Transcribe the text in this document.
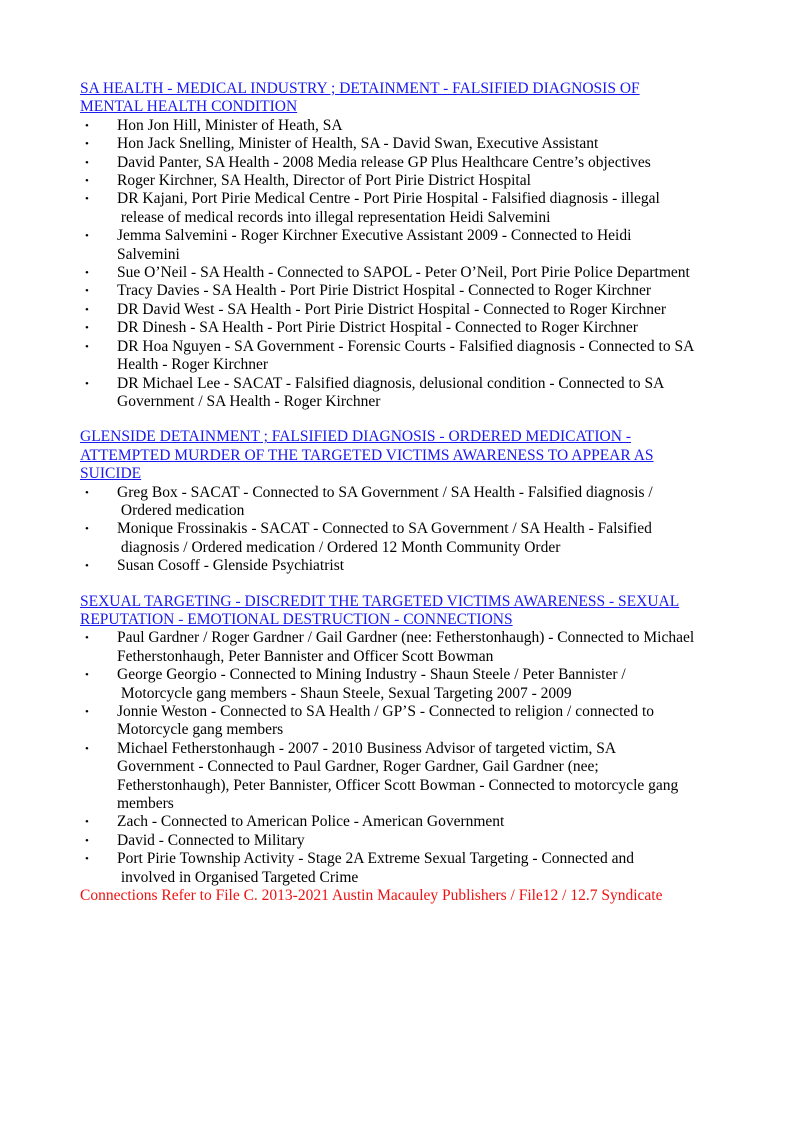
SA HEALTH - MEDICAL INDUSTRY ; DETAINMENT - FALSIFIED DIAGNOSIS OF
MENTAL HEALTH CONDITION

• Hon Jon Hill, Minister of Heath, SA
• Hon Jack Snelling, Minister of Health, SA - David Swan, Executive Assistant
• David Panter, SA Health - 2008 Media release GP Plus Healthcare Centre’s objectives
• Roger Kirchner, SA Health, Director of Port Pirie District Hospital
• DR Kajani, Port Pirie Medical Centre - Port Pirie Hospital - Falsified diagnosis - illegal
release of medical records into illegal representation Heidi Salvemini
• Jemma Salvemini - Roger Kirchner Executive Assistant 2009 - Connected to Heidi
Salvemini
• Sue O’Neil - SA Health - Connected to SAPOL - Peter O’Neil, Port Pirie Police Department
• Tracy Davies - SA Health - Port Pirie District Hospital - Connected to Roger Kirchner
• DR David West - SA Health - Port Pirie District Hospital - Connected to Roger Kirchner
• DR Dinesh - SA Health - Port Pirie District Hospital - Connected to Roger Kirchner
• DR Hoa Nguyen - SA Government - Forensic Courts - Falsified diagnosis - Connected to SA
Health - Roger Kirchner
• DR Michael Lee - SACAT - Falsified diagnosis, delusional condition - Connected to SA
Government / SA Health - Roger Kirchner

GLENSIDE DETAINMENT ; FALSIFIED DIAGNOSIS - ORDERED MEDICATION -
ATTEMPTED MURDER OF THE TARGETED VICTIMS AWARENESS TO APPEAR AS
SUICIDE

• Greg Box - SACAT - Connected to SA Government / SA Health - Falsified diagnosis /
Ordered medication
• Monique Frossinakis - SACAT - Connected to SA Government / SA Health - Falsified
diagnosis / Ordered medication / Ordered 12 Month Community Order
• Susan Cosoff - Glenside Psychiatrist

SEXUAL TARGETING - DISCREDIT THE TARGETED VICTIMS AWARENESS - SEXUAL
REPUTATION - EMOTIONAL DESTRUCTION - CONNECTIONS

• Paul Gardner / Roger Gardner / Gail Gardner (nee: Fetherstonhaugh) - Connected to Michael
Fetherstonhaugh, Peter Bannister and Officer Scott Bowman
• George Georgio - Connected to Mining Industry - Shaun Steele / Peter Bannister /
Motorcycle gang members - Shaun Steele, Sexual Targeting 2007 - 2009
• Jonnie Weston - Connected to SA Health / GP’S - Connected to religion / connected to
Motorcycle gang members
• Michael Fetherstonhaugh - 2007 - 2010 Business Advisor of targeted victim, SA
Government - Connected to Paul Gardner, Roger Gardner, Gail Gardner (nee;
Fetherstonhaugh), Peter Bannister, Officer Scott Bowman - Connected to motorcycle gang
members
• Zach - Connected to American Police - American Government
• David - Connected to Military
• Port Pirie Township Activity - Stage 2A Extreme Sexual Targeting - Connected and
involved in Organised Targeted Crime

Connections Refer to File C. 2013-2021 Austin Macauley Publishers / File12 / 12.7 Syndicate
